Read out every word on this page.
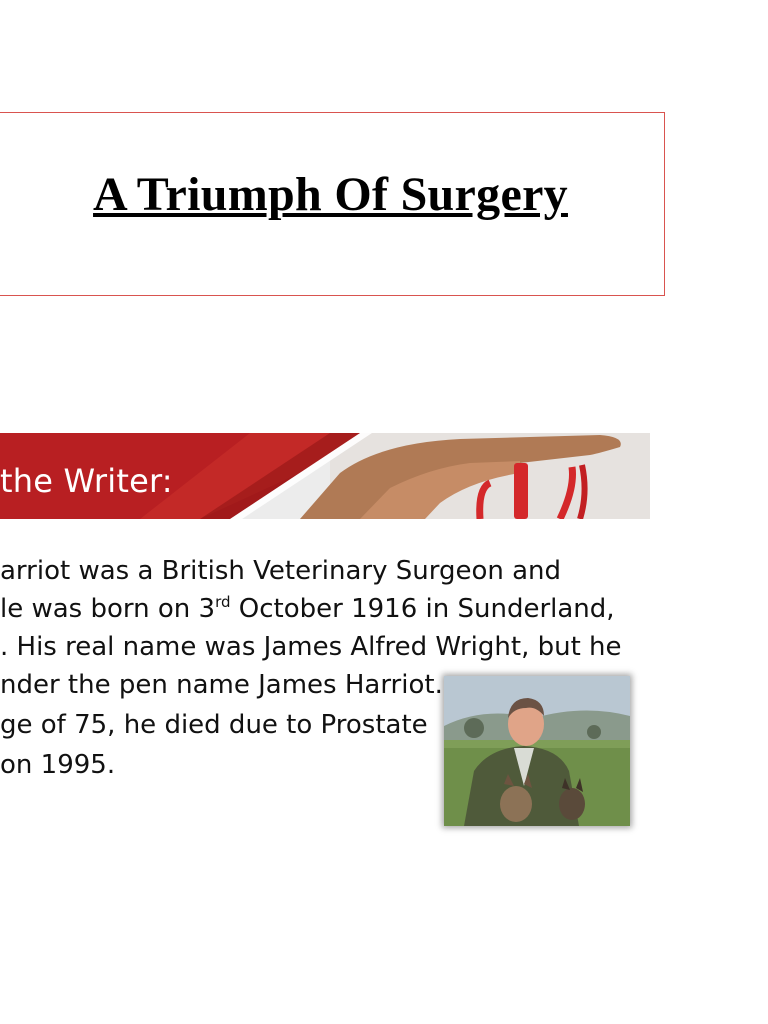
A Triumph Of Surgery
the Writer:
arriot was a British Veterinary Surgeon and
le was born on 3rd October 1916 in Sunderland,
. His real name was James Alfred Wright, but he
nder the pen name James Harriot.
ge of 75, he died due to Prostate
on 1995.
